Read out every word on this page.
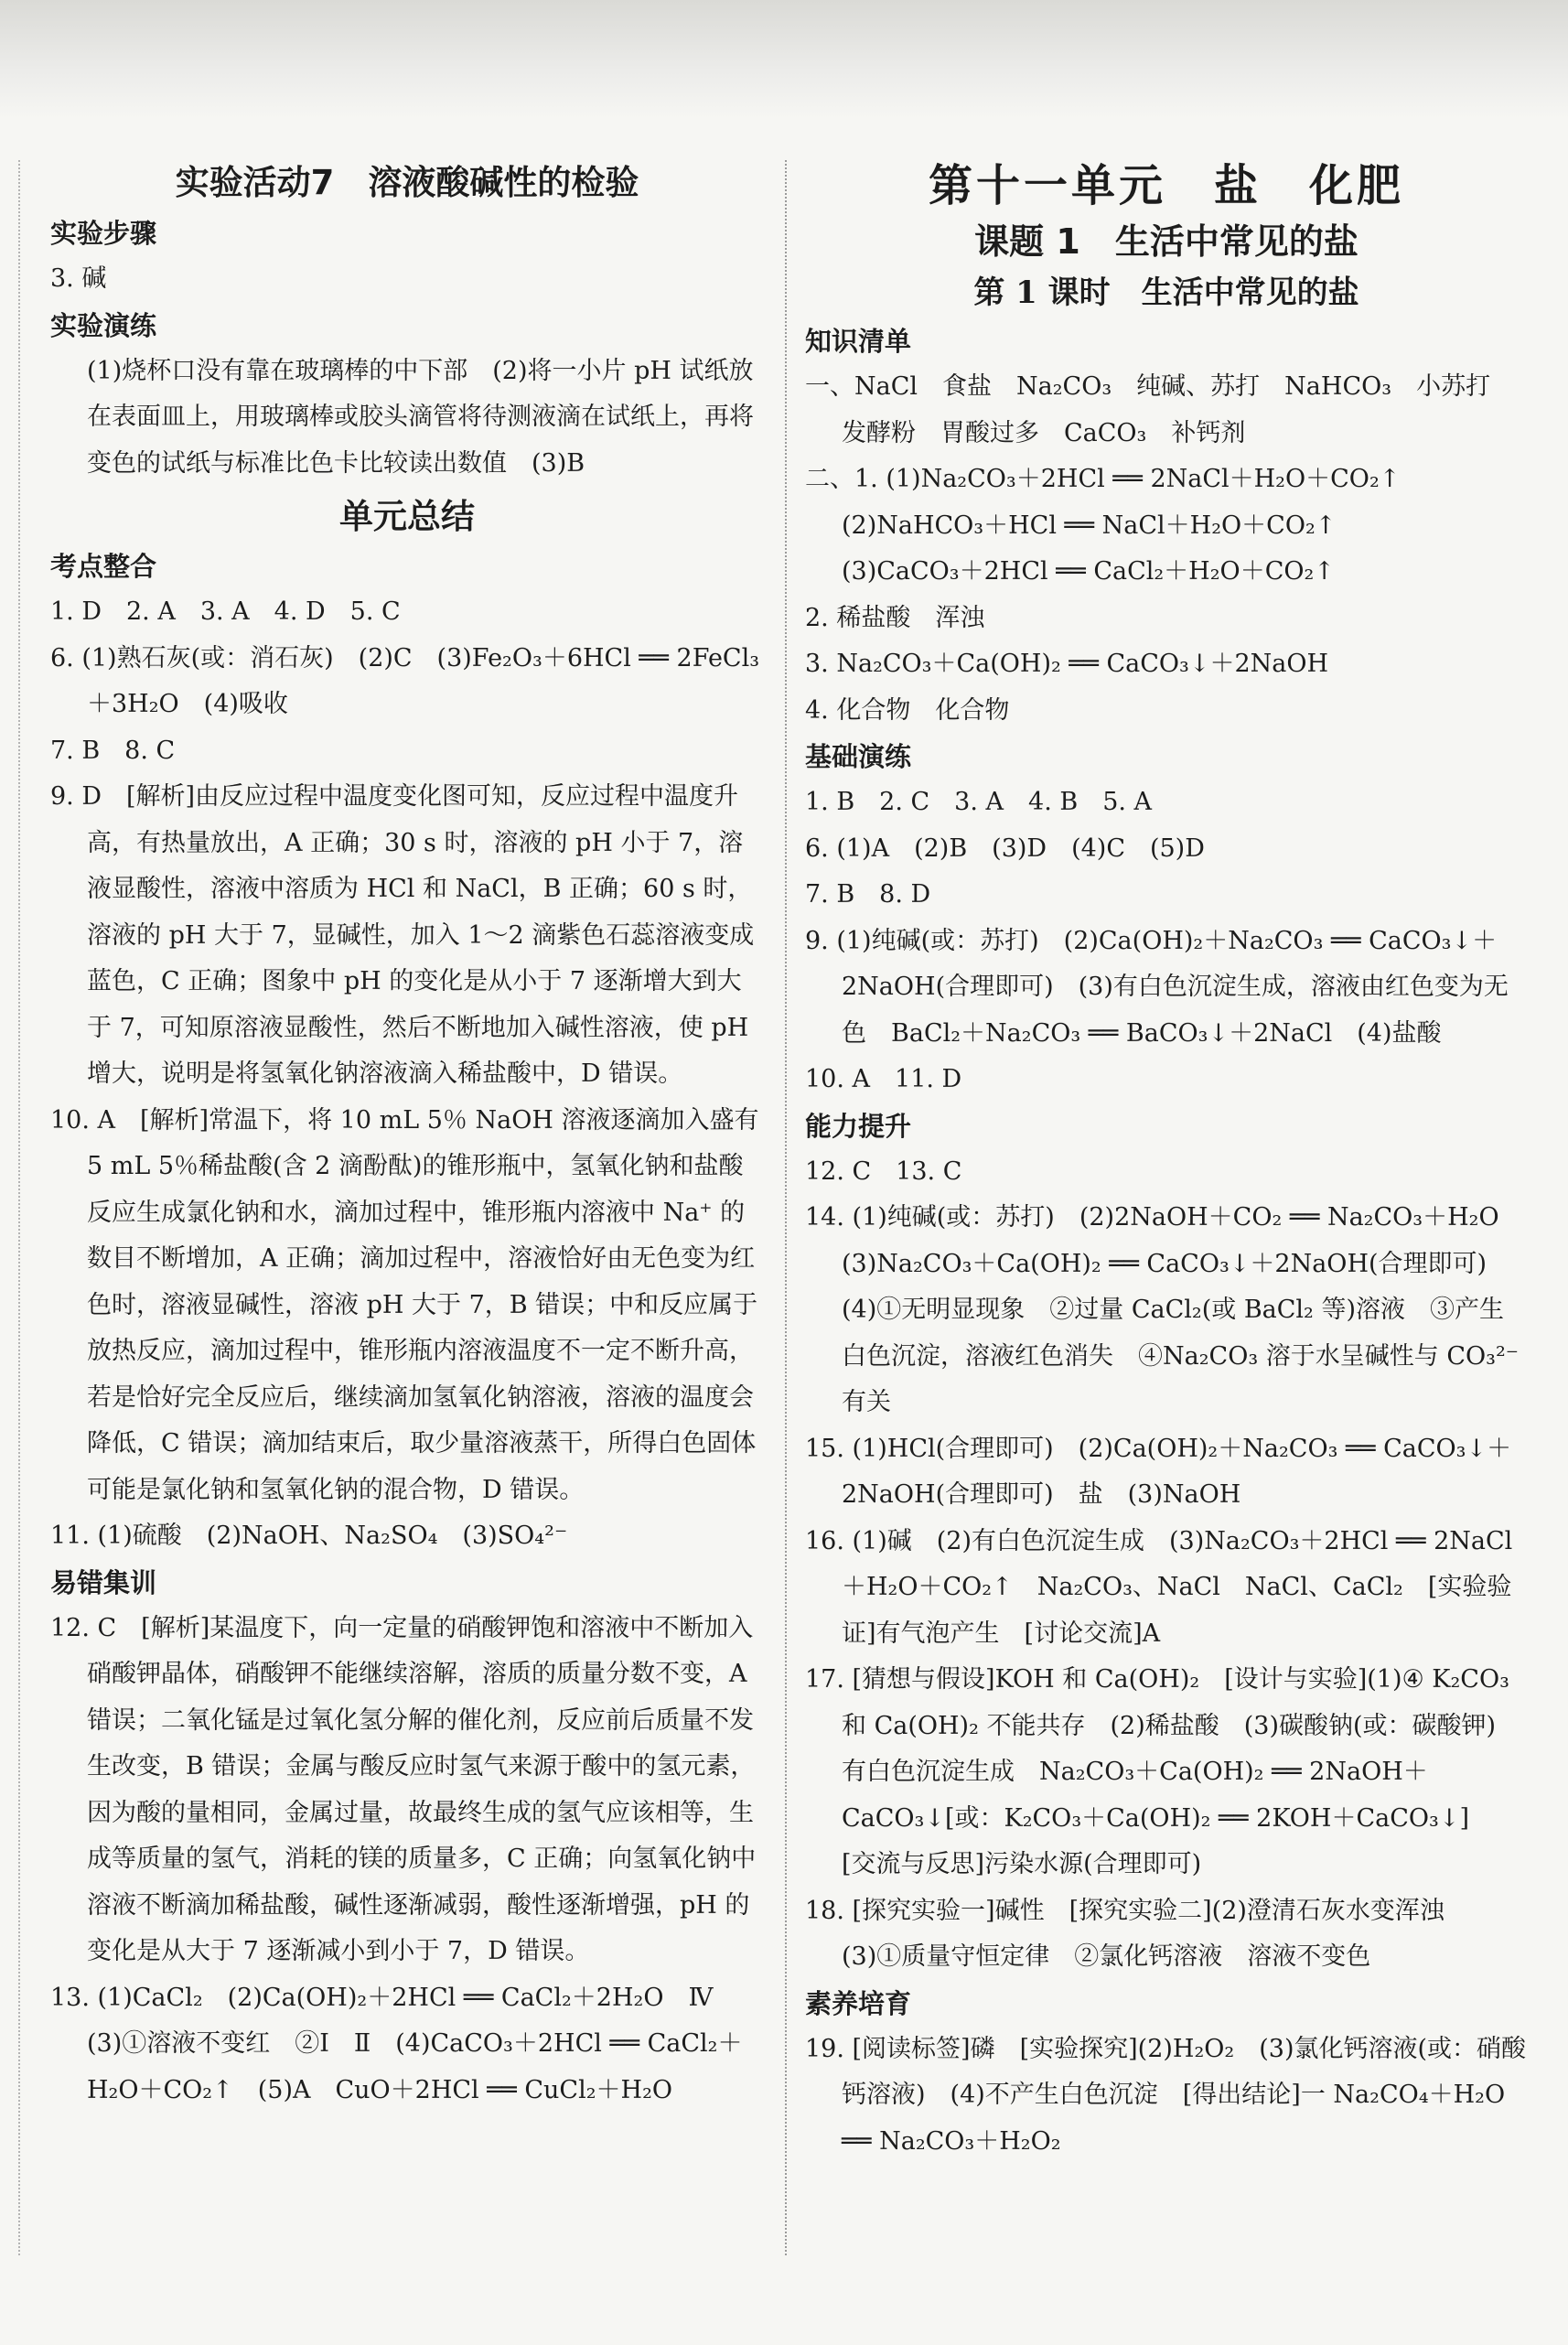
实验活动7　溶液酸碱性的检验
实验步骤
3. 碱
实验演练
(1)烧杯口没有靠在玻璃棒的中下部　(2)将一小片 pH 试纸放在表面皿上，用玻璃棒或胶头滴管将待测液滴在试纸上，再将变色的试纸与标准比色卡比较读出数值　(3)B
单元总结
考点整合
1. D　2. A　3. A　4. D　5. C
6. (1)熟石灰(或：消石灰)　(2)C　(3)Fe₂O₃＋6HCl ══ 2FeCl₃＋3H₂O　(4)吸收
7. B　8. C
9. D　[解析]由反应过程中温度变化图可知，反应过程中温度升高，有热量放出，A 正确；30 s 时，溶液的 pH 小于 7，溶液显酸性，溶液中溶质为 HCl 和 NaCl，B 正确；60 s 时，溶液的 pH 大于 7，显碱性，加入 1～2 滴紫色石蕊溶液变成蓝色，C 正确；图象中 pH 的变化是从小于 7 逐渐增大到大于 7，可知原溶液显酸性，然后不断地加入碱性溶液，使 pH 增大，说明是将氢氧化钠溶液滴入稀盐酸中，D 错误。
10. A　[解析]常温下，将 10 mL 5％ NaOH 溶液逐滴加入盛有 5 mL 5％稀盐酸(含 2 滴酚酞)的锥形瓶中，氢氧化钠和盐酸反应生成氯化钠和水，滴加过程中，锥形瓶内溶液中 Na⁺ 的数目不断增加，A 正确；滴加过程中，溶液恰好由无色变为红色时，溶液显碱性，溶液 pH 大于 7，B 错误；中和反应属于放热反应，滴加过程中，锥形瓶内溶液温度不一定不断升高，若是恰好完全反应后，继续滴加氢氧化钠溶液，溶液的温度会降低，C 错误；滴加结束后，取少量溶液蒸干，所得白色固体可能是氯化钠和氢氧化钠的混合物，D 错误。
11. (1)硫酸　(2)NaOH、Na₂SO₄　(3)SO₄²⁻
易错集训
12. C　[解析]某温度下，向一定量的硝酸钾饱和溶液中不断加入硝酸钾晶体，硝酸钾不能继续溶解，溶质的质量分数不变，A 错误；二氧化锰是过氧化氢分解的催化剂，反应前后质量不发生改变，B 错误；金属与酸反应时氢气来源于酸中的氢元素，因为酸的量相同，金属过量，故最终生成的氢气应该相等，生成等质量的氢气，消耗的镁的质量多，C 正确；向氢氧化钠中溶液不断滴加稀盐酸，碱性逐渐减弱，酸性逐渐增强，pH 的变化是从大于 7 逐渐减小到小于 7，D 错误。
13. (1)CaCl₂　(2)Ca(OH)₂＋2HCl ══ CaCl₂＋2H₂O　Ⅳ　(3)①溶液不变红　②Ⅰ　Ⅱ　(4)CaCO₃＋2HCl ══ CaCl₂＋H₂O＋CO₂↑　(5)A　CuO＋2HCl ══ CuCl₂＋H₂O
第十一单元　盐　化肥
课题 1　生活中常见的盐
第 1 课时　生活中常见的盐
知识清单
一、NaCl　食盐　Na₂CO₃　纯碱、苏打　NaHCO₃　小苏打　发酵粉　胃酸过多　CaCO₃　补钙剂
二、1. (1)Na₂CO₃＋2HCl ══ 2NaCl＋H₂O＋CO₂↑
(2)NaHCO₃＋HCl ══ NaCl＋H₂O＋CO₂↑
(3)CaCO₃＋2HCl ══ CaCl₂＋H₂O＋CO₂↑
2. 稀盐酸　浑浊
3. Na₂CO₃＋Ca(OH)₂ ══ CaCO₃↓＋2NaOH
4. 化合物　化合物
基础演练
1. B　2. C　3. A　4. B　5. A
6. (1)A　(2)B　(3)D　(4)C　(5)D
7. B　8. D
9. (1)纯碱(或：苏打)　(2)Ca(OH)₂＋Na₂CO₃ ══ CaCO₃↓＋2NaOH(合理即可)　(3)有白色沉淀生成，溶液由红色变为无色　BaCl₂＋Na₂CO₃ ══ BaCO₃↓＋2NaCl　(4)盐酸
10. A　11. D
能力提升
12. C　13. C
14. (1)纯碱(或：苏打)　(2)2NaOH＋CO₂ ══ Na₂CO₃＋H₂O　(3)Na₂CO₃＋Ca(OH)₂ ══ CaCO₃↓＋2NaOH(合理即可)　(4)①无明显现象　②过量 CaCl₂(或 BaCl₂ 等)溶液　③产生白色沉淀，溶液红色消失　④Na₂CO₃ 溶于水呈碱性与 CO₃²⁻ 有关
15. (1)HCl(合理即可)　(2)Ca(OH)₂＋Na₂CO₃ ══ CaCO₃↓＋2NaOH(合理即可)　盐　(3)NaOH
16. (1)碱　(2)有白色沉淀生成　(3)Na₂CO₃＋2HCl ══ 2NaCl＋H₂O＋CO₂↑　Na₂CO₃、NaCl　NaCl、CaCl₂　[实验验证]有气泡产生　[讨论交流]A
17. [猜想与假设]KOH 和 Ca(OH)₂　[设计与实验](1)④ K₂CO₃ 和 Ca(OH)₂ 不能共存　(2)稀盐酸　(3)碳酸钠(或：碳酸钾)　有白色沉淀生成　Na₂CO₃＋Ca(OH)₂ ══ 2NaOH＋CaCO₃↓[或：K₂CO₃＋Ca(OH)₂ ══ 2KOH＋CaCO₃↓]　[交流与反思]污染水源(合理即可)
18. [探究实验一]碱性　[探究实验二](2)澄清石灰水变浑浊　(3)①质量守恒定律　②氯化钙溶液　溶液不变色
素养培育
19. [阅读标签]磷　[实验探究](2)H₂O₂　(3)氯化钙溶液(或：硝酸钙溶液)　(4)不产生白色沉淀　[得出结论]一 Na₂CO₄＋H₂O ══ Na₂CO₃＋H₂O₂
